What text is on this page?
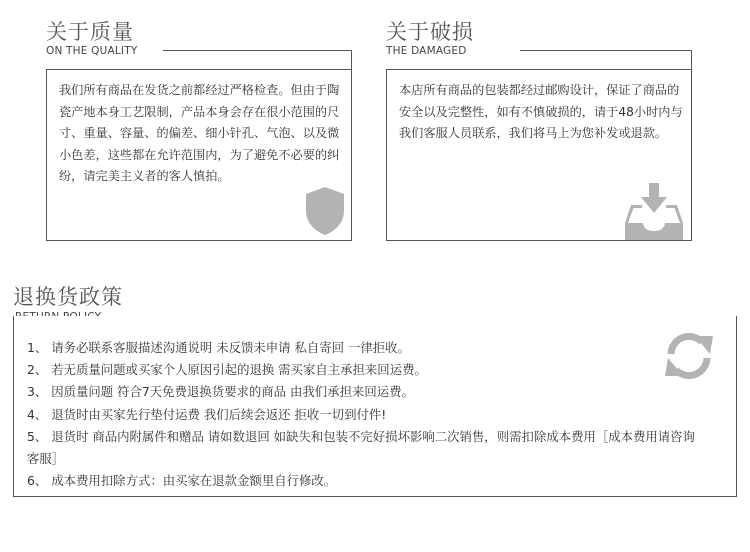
关于质量
ON THE QUALITY
我们所有商品在发货之前都经过严格检查。但由于陶瓷产地本身工艺限制，产品本身会存在很小范围的尺寸、重量、容量、的偏差、细小针孔、气泡、以及微小色差，这些都在允许范围内，为了避免不必要的纠纷，请完美主义者的客人慎拍。
关于破损
THE DAMAGED
本店所有商品的包装都经过邮购设计，保证了商品的安全以及完整性，如有不慎破损的，请于48小时内与我们客服人员联系，我们将马上为您补发或退款。
退换货政策
1、 请务必联系客服描述沟通说明 未反馈未申请 私自寄回 一律拒收。
2、 若无质量问题或买家个人原因引起的退换 需买家自主承担来回运费。
3、 因质量问题 符合7天免费退换货要求的商品 由我们承担来回运费。
4、 退货时由买家先行垫付运费 我们后续会返还 拒收一切到付件!
5、 退货时 商品内附属件和赠品 请如数退回 如缺失和包装不完好损坏影响二次销售，则需扣除成本费用［成本费用请咨询客服］
6、 成本费用扣除方式：由买家在退款金额里自行修改。
